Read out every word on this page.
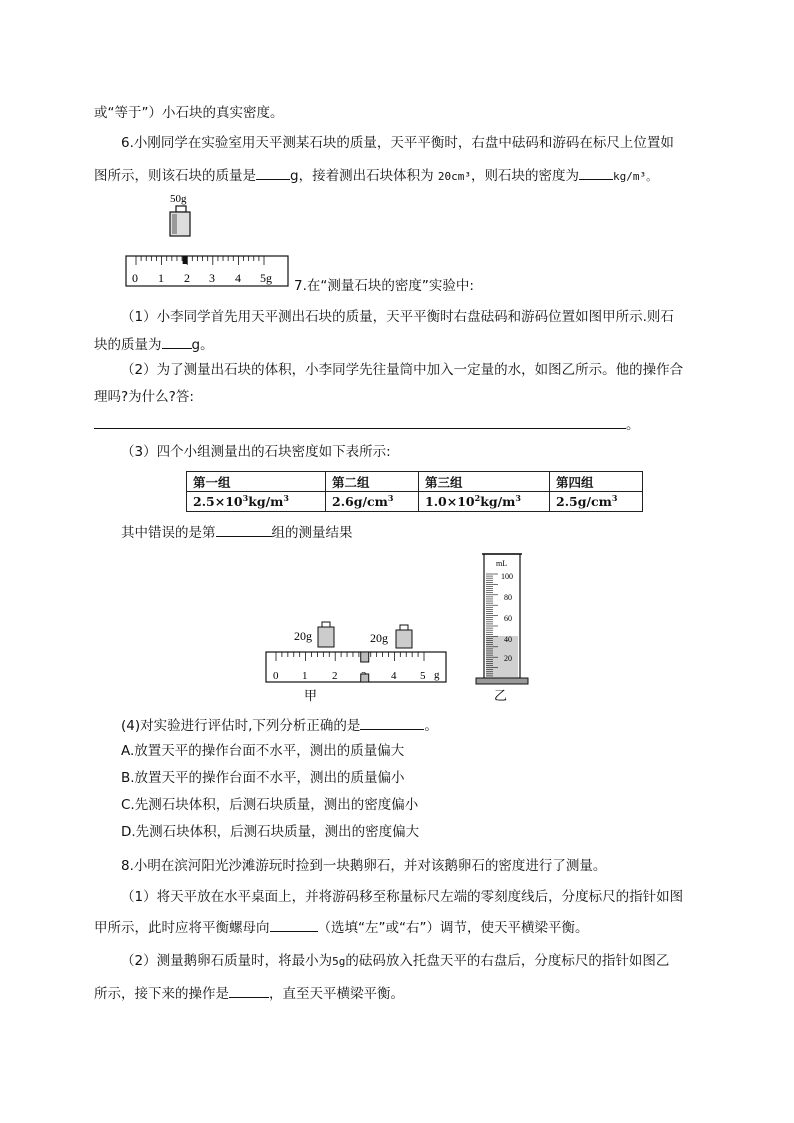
或“等于”）小石块的真实密度。
6.小刚同学在实验室用天平测某石块的质量，天平平衡时，右盘中砝码和游码在标尺上位置如
图所示，则该石块的质量是	g，接着测出石块体积为 20cm³，则石块的密度为	kg/m³。
50g
0 1 2 3 4 5g 7.在“测量石块的密度”实验中:
（1）小李同学首先用天平测出石块的质量，天平平衡时右盘砝码和游码位置如图甲所示.则石
块的质量为 g。
（2）为了测量出石块的体积，小李同学先往量筒中加入一定量的水，如图乙所示。他的操作合
理吗?为什么?答:
。
（3）四个小组测量出的石块密度如下表所示:
第一组	第二组	第三组	第四组
$2.5\times 10^3kg/m^3$	$2.6g/cm^3$	$1.0\times 10^2kg/m^3$	$2.5g/cm^3$
其中错误的是第	组的测量结果
20g	20g
0 1 2	4 5 g
甲
mL
100
80
60
40
20
乙
(4)对实验进行评估时,下列分析正确的是	。
A.放置天平的操作台面不水平，测出的质量偏大
B.放置天平的操作台面不水平，测出的质量偏小
C.先测石块体积，后测石块质量，测出的密度偏小
D.先测石块体积，后测石块质量，测出的密度偏大
8.小明在滨河阳光沙滩游玩时捡到一块鹅卵石，并对该鹅卵石的密度进行了测量。
（1）将天平放在水平桌面上，并将游码移至称量标尺左端的零刻度线后，分度标尺的指针如图
甲所示，此时应将平衡螺母向	（选填“左”或“右”）调节，使天平横梁平衡。
（2）测量鹅卵石质量时，将最小为5g的砝码放入托盘天平的右盘后，分度标尺的指针如图乙
所示，接下来的操作是	，直至天平横梁平衡。
